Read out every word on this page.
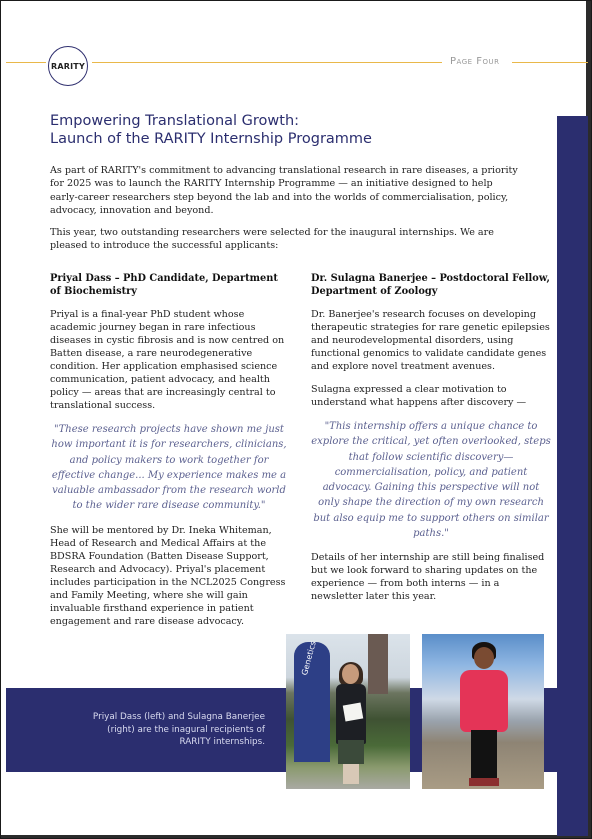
RARITY	Page Four
Empowering Translational Growth:
Launch of the RARITY Internship Programme

As part of RARITY's commitment to advancing translational research in rare diseases, a priority for 2025 was to launch the RARITY Internship Programme — an initiative designed to help early-career researchers step beyond the lab and into the worlds of commercialisation, policy, advocacy, innovation and beyond.

This year, two outstanding researchers were selected for the inaugural internships. We are pleased to introduce the successful applicants:

Priyal Dass – PhD Candidate, Department of Biochemistry

Priyal is a final-year PhD student whose academic journey began in rare infectious diseases in cystic fibrosis and is now centred on Batten disease, a rare neurodegenerative condition. Her application emphasised science communication, patient advocacy, and health policy — areas that are increasingly central to translational success.

"These research projects have shown me just how important it is for researchers, clinicians, and policy makers to work together for effective change... My experience makes me a valuable ambassador from the research world to the wider rare disease community."

She will be mentored by Dr. Ineka Whiteman, Head of Research and Medical Affairs at the BDSRA Foundation (Batten Disease Support, Research and Advocacy). Priyal's placement includes participation in the NCL2025 Congress and Family Meeting, where she will gain invaluable firsthand experience in patient engagement and rare disease advocacy.

Dr. Sulagna Banerjee – Postdoctoral Fellow, Department of Zoology

Dr. Banerjee's research focuses on developing therapeutic strategies for rare genetic epilepsies and neurodevelopmental disorders, using functional genomics to validate candidate genes and explore novel treatment avenues.

Sulagna expressed a clear motivation to understand what happens after discovery —

"This internship offers a unique chance to explore the critical, yet often overlooked, steps that follow scientific discovery— commercialisation, policy, and patient advocacy. Gaining this perspective will not only shape the direction of my own research but also equip me to support others on similar paths."

Details of her internship are still being finalised but we look forward to sharing updates on the experience — from both interns — in a newsletter later this year.

Priyal Dass (left) and Sulagna Banerjee (right) are the inagural recipients of RARITY internships.
Genetics
